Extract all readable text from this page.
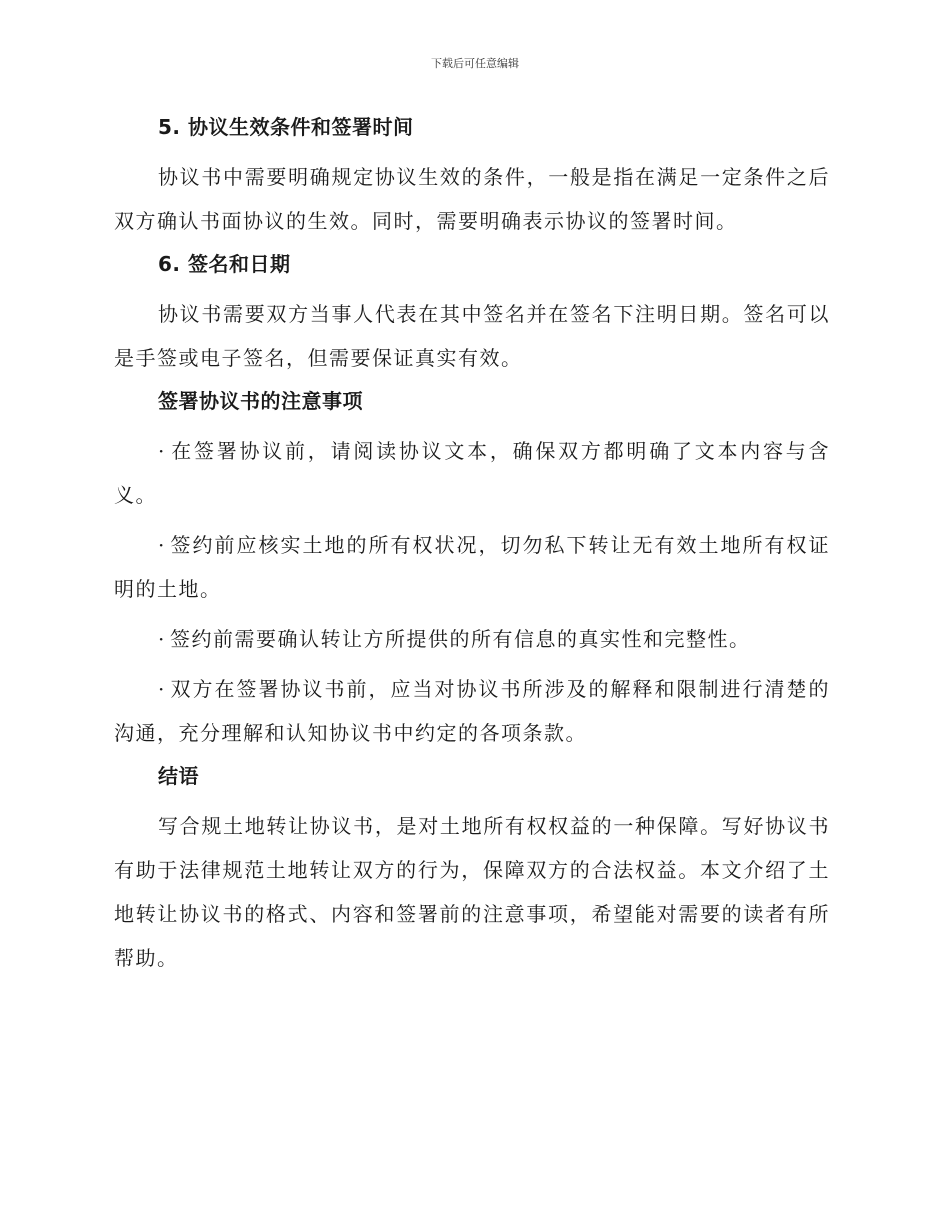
下载后可任意编辑
5. 协议生效条件和签署时间

协议书中需要明确规定协议生效的条件，一般是指在满足一定条件之后双方确认书面协议的生效。同时，需要明确表示协议的签署时间。

6. 签名和日期

协议书需要双方当事人代表在其中签名并在签名下注明日期。签名可以是手签或电子签名，但需要保证真实有效。

签署协议书的注意事项

· 在签署协议前，请阅读协议文本，确保双方都明确了文本内容与含义。

· 签约前应核实土地的所有权状况，切勿私下转让无有效土地所有权证明的土地。

· 签约前需要确认转让方所提供的所有信息的真实性和完整性。

· 双方在签署协议书前，应当对协议书所涉及的解释和限制进行清楚的沟通，充分理解和认知协议书中约定的各项条款。

结语

写合规土地转让协议书，是对土地所有权权益的一种保障。写好协议书有助于法律规范土地转让双方的行为，保障双方的合法权益。本文介绍了土地转让协议书的格式、内容和签署前的注意事项，希望能对需要的读者有所帮助。
